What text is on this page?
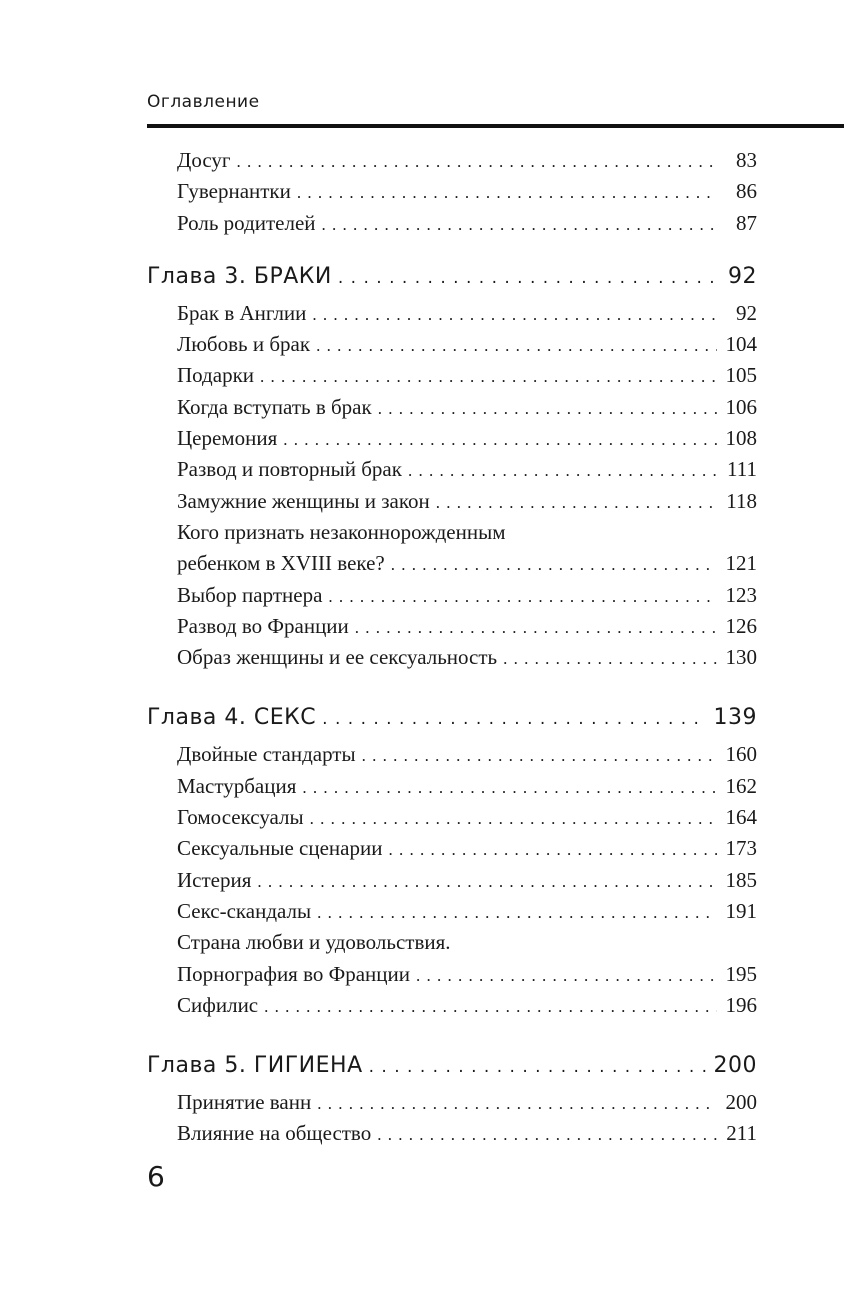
Оглавление
Досуг . . .	83
Гувернантки . . .	86
Роль родителей . . .	87
Глава 3. БРАКИ . . .	92
Брак в Англии . . .	92
Любовь и брак . . .	104
Подарки . . .	105
Когда вступать в брак . . .	106
Церемония . . .	108
Развод и повторный брак . . .	111
Замужние женщины и закон . . .	118
Кого признать незаконнорожденным
ребенком в XVIII веке? . . .	121
Выбор партнера . . .	123
Развод во Франции . . .	126
Образ женщины и ее сексуальность . . .	130
Глава 4. СЕКС . . .	139
Двойные стандарты . . .	160
Мастурбация . . .	162
Гомосексуалы . . .	164
Сексуальные сценарии . . .	173
Истерия . . .	185
Секс-скандалы . . .	191
Страна любви и удовольствия.
Порнография во Франции . . .	195
Сифилис . . .	196
Глава 5. ГИГИЕНА . . .	200
Принятие ванн . . .	200
Влияние на общество . . .	211
6
